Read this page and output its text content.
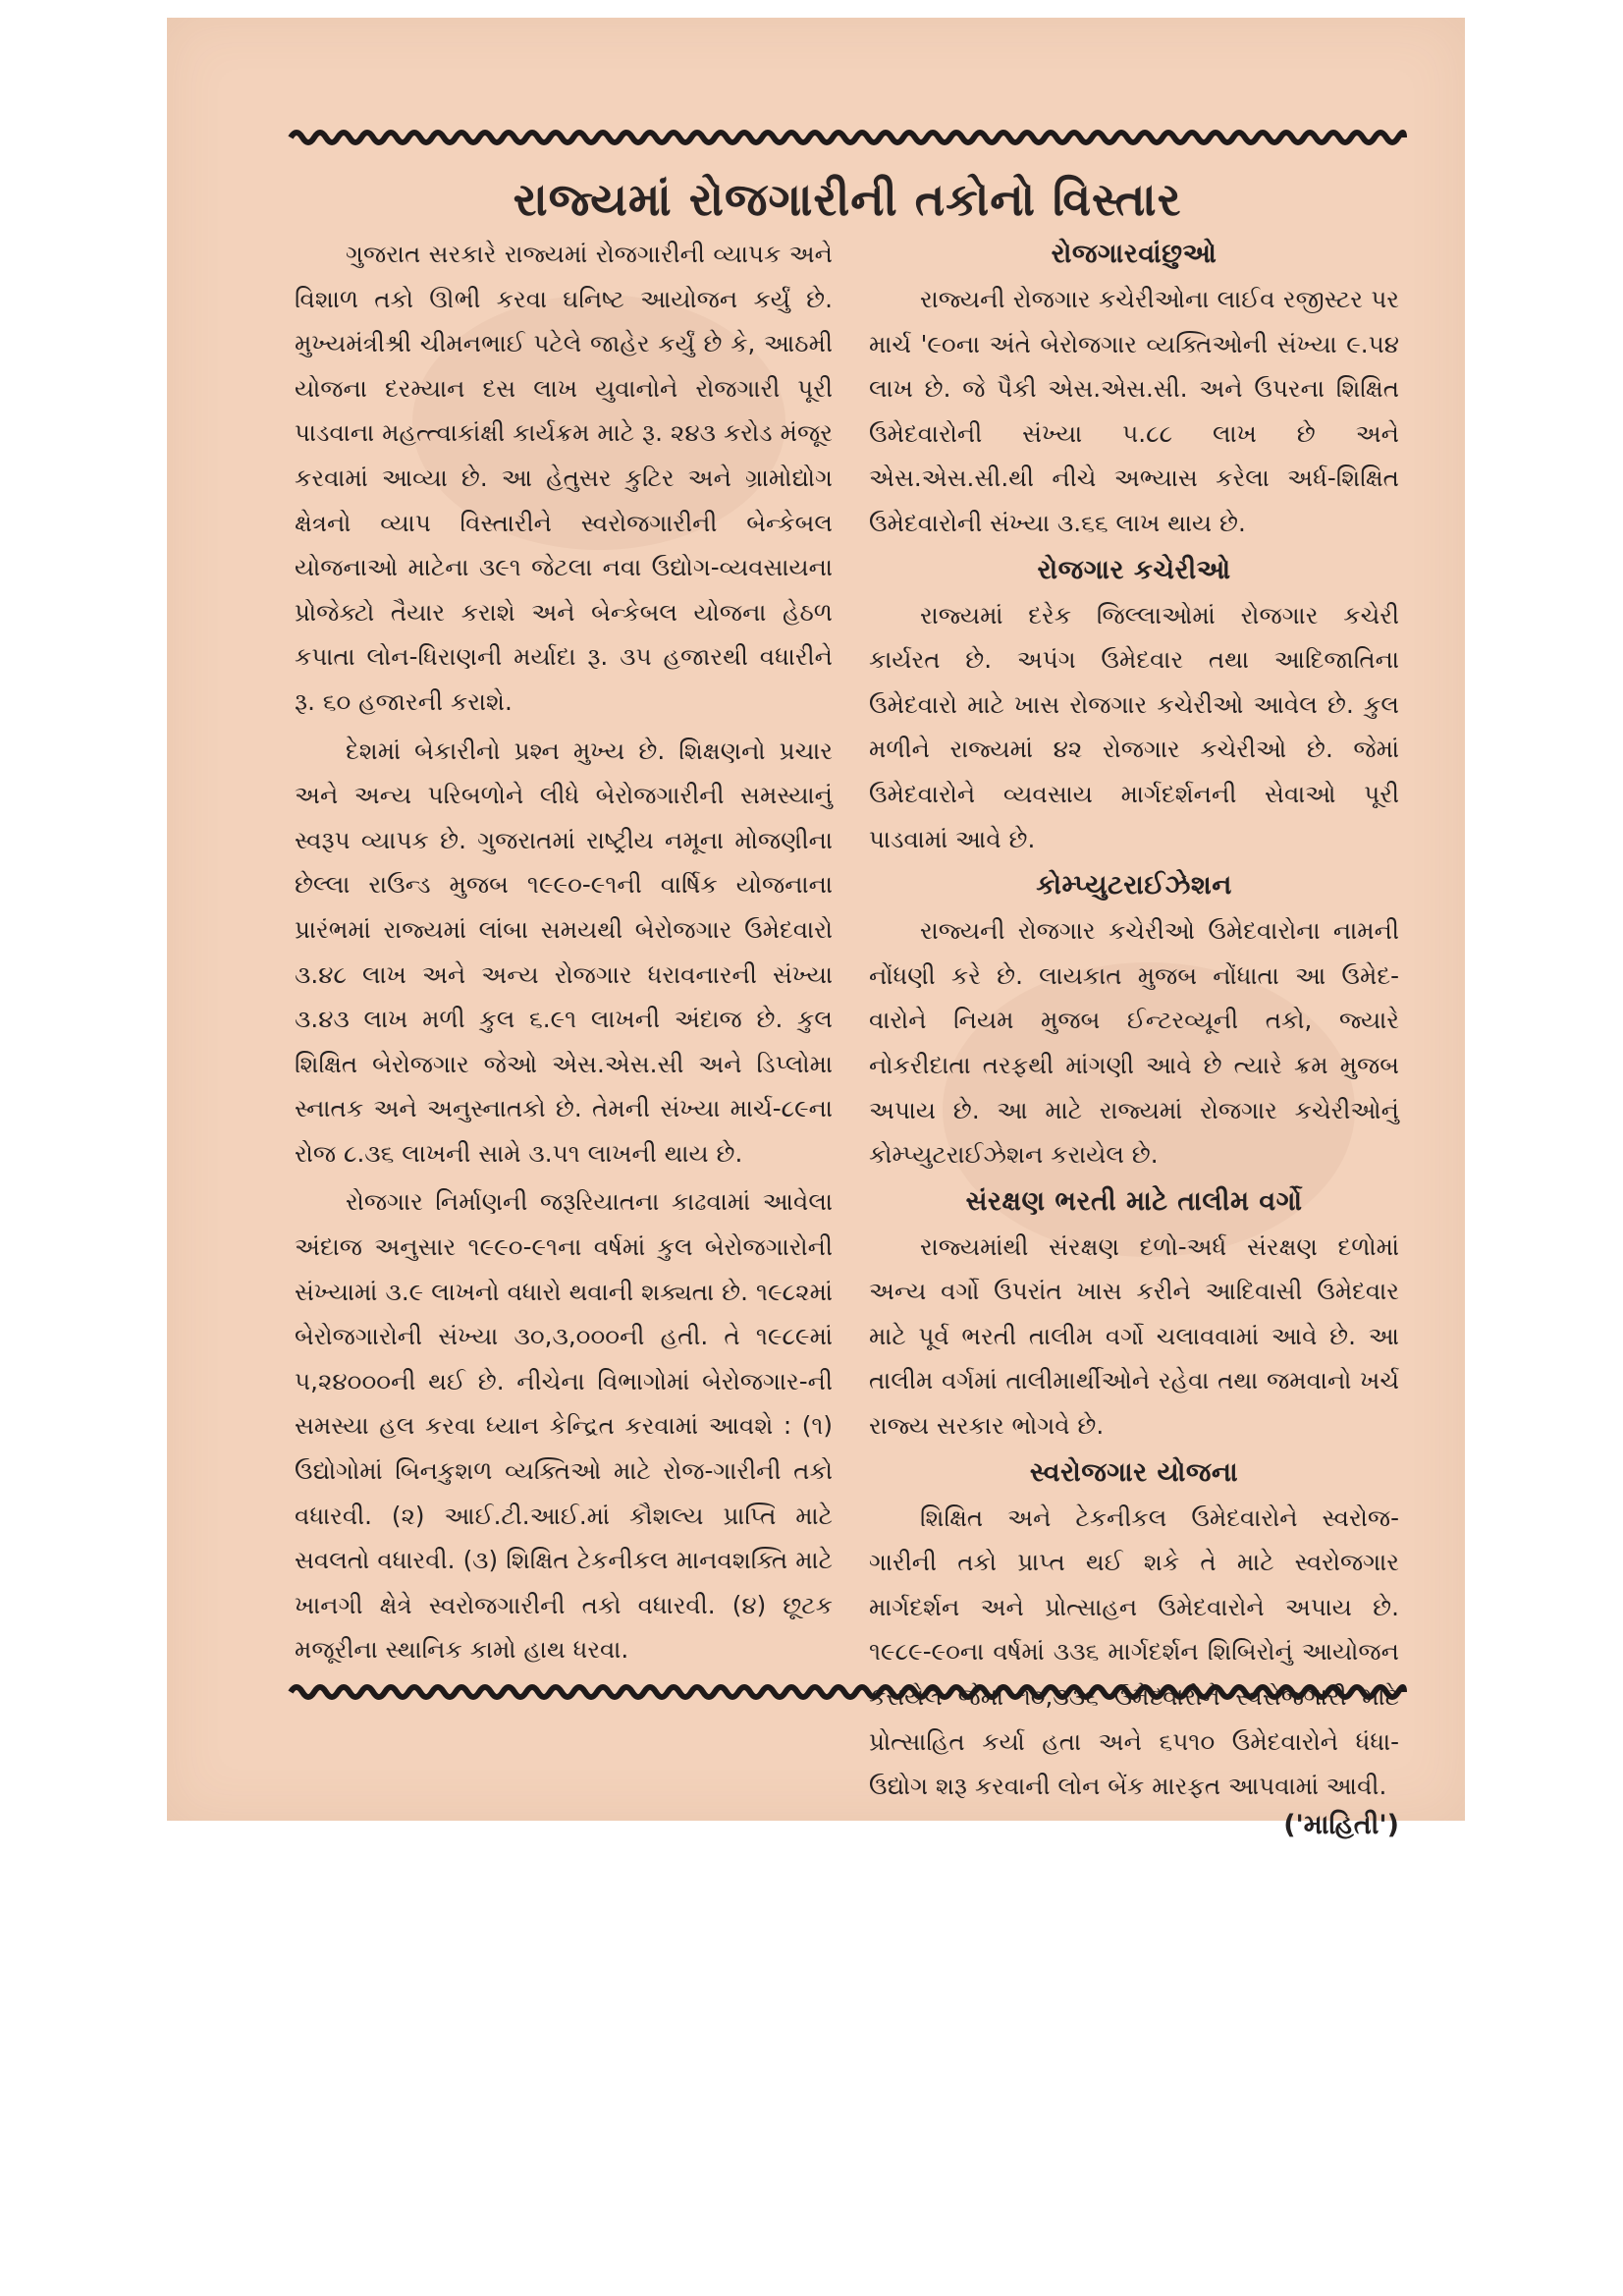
રાજ્યમાં રોજગારીની તકોનો વિસ્તાર

ગુજરાત સરકારે રાજ્યમાં રોજગારીની વ્યાપક અને વિશાળ તકો ઊભી કરવા ઘનિષ્ટ આયોજન કર્યું છે. મુખ્યમંત્રીશ્રી ચીમનભાઈ પટેલે જાહેર કર્યું છે કે, આઠમી યોજના દરમ્યાન દસ લાખ યુવાનોને રોજગારી પૂરી પાડવાના મહત્ત્વાકાંક્ષી કાર્યક્રમ માટે રૂ. ૨૪૩ કરોડ મંજૂર કરવામાં આવ્યા છે. આ હેતુસર કુટિર અને ગ્રામોદ્યોગ ક્ષેત્રનો વ્યાપ વિસ્તારીને સ્વરોજગારીની બેન્કેબલ યોજનાઓ માટેના ૩૯૧ જેટલા નવા ઉદ્યોગ-વ્યવસાયના પ્રોજેક્ટો તૈયાર કરાશે અને બેન્કેબલ યોજના હેઠળ કપાતા લોન-ધિરાણની મર્યાદા રૂ. ૩૫ હજારથી વધારીને રૂ. ૬૦ હજારની કરાશે.

દેશમાં બેકારીનો પ્રશ્ન મુખ્ય છે. શિક્ષણનો પ્રચાર અને અન્ય પરિબળોને લીધે બેરોજગારીની સમસ્યાનું સ્વરૂપ વ્યાપક છે. ગુજરાતમાં રાષ્ટ્રીય નમૂના મોજણીના છેલ્લા રાઉન્ડ મુજબ ૧૯૯૦-૯૧ની વાર્ષિક યોજનાના પ્રારંભમાં રાજ્યમાં લાંબા સમયથી બેરોજગાર ઉમેદવારો ૩.૪૮ લાખ અને અન્ય રોજગાર ધરાવનારની સંખ્યા ૩.૪૩ લાખ મળી કુલ ૬.૯૧ લાખની અંદાજ છે. કુલ શિક્ષિત બેરોજગાર જેઓ એસ.એસ.સી અને ડિપ્લોમા સ્નાતક અને અનુસ્નાતકો છે. તેમની સંખ્યા માર્ચ-૮૯ના રોજ ૮.૩૬ લાખની સામે ૩.૫૧ લાખની થાય છે.

રોજગાર નિર્માણની જરૂરિયાતના કાઢવામાં આવેલા અંદાજ અનુસાર ૧૯૯૦-૯૧ના વર્ષમાં કુલ બેરોજગારોની સંખ્યામાં ૩.૯ લાખનો વધારો થવાની શક્યતા છે. ૧૯૮૨માં બેરોજગારોની સંખ્યા ૩૦,૩,૦૦૦ની હતી. તે ૧૯૮૯માં ૫,૨૪૦૦૦ની થઈ છે. નીચેના વિભાગોમાં બેરોજગાર-ની સમસ્યા હલ કરવા ધ્યાન કેન્દ્રિત કરવામાં આવશે : (૧) ઉદ્યોગોમાં બિનકુશળ વ્યક્તિઓ માટે રોજ-ગારીની તકો વધારવી. (૨) આઈ.ટી.આઈ.માં કૌશલ્ય પ્રાપ્તિ માટે સવલતો વધારવી. (૩) શિક્ષિત ટેકનીકલ માનવશક્તિ માટે ખાનગી ક્ષેત્રે સ્વરોજગારીની તકો વધારવી. (૪) છૂટક મજૂરીના સ્થાનિક કામો હાથ ધરવા.

રોજગારવાંછુઓ

રાજ્યની રોજગાર કચેરીઓના લાઈવ રજીસ્ટર પર માર્ચ '૯૦ના અંતે બેરોજગાર વ્યક્તિઓની સંખ્યા ૯.૫૪ લાખ છે. જે પૈકી એસ.એસ.સી. અને ઉપરના શિક્ષિત ઉમેદવારોની સંખ્યા ૫.૮૮ લાખ છે અને એસ.એસ.સી.થી નીચે અભ્યાસ કરેલા અર્ધ-શિક્ષિત ઉમેદવારોની સંખ્યા ૩.૬૬ લાખ થાય છે.

રોજગાર કચેરીઓ

રાજ્યમાં દરેક જિલ્લાઓમાં રોજગાર કચેરી કાર્યરત છે. અપંગ ઉમેદવાર તથા આદિજાતિના ઉમેદવારો માટે ખાસ રોજગાર કચેરીઓ આવેલ છે. કુલ મળીને રાજ્યમાં ૪૨ રોજગાર કચેરીઓ છે. જેમાં ઉમેદવારોને વ્યવસાય માર્ગદર્શનની સેવાઓ પૂરી પાડવામાં આવે છે.

કોમ્પ્યુટરાઈઝેશન

રાજ્યની રોજગાર કચેરીઓ ઉમેદવારોના નામની નોંધણી કરે છે. લાયકાત મુજબ નોંધાતા આ ઉમેદ-વારોને નિયમ મુજબ ઈન્ટરવ્યૂની તકો, જ્યારે નોકરીદાતા તરફથી માંગણી આવે છે ત્યારે ક્રમ મુજબ અપાય છે. આ માટે રાજ્યમાં રોજગાર કચેરીઓનું કોમ્પ્યુટરાઈઝેશન કરાયેલ છે.

સંરક્ષણ ભરતી માટે તાલીમ વર્ગો

રાજ્યમાંથી સંરક્ષણ દળો-અર્ધ સંરક્ષણ દળોમાં અન્ય વર્ગો ઉપરાંત ખાસ કરીને આદિવાસી ઉમેદવાર માટે પૂર્વ ભરતી તાલીમ વર્ગો ચલાવવામાં આવે છે. આ તાલીમ વર્ગમાં તાલીમાર્થીઓને રહેવા તથા જમવાનો ખર્ચ રાજ્ય સરકાર ભોગવે છે.

સ્વરોજગાર યોજના

શિક્ષિત અને ટેકનીકલ ઉમેદવારોને સ્વરોજ-ગારીની તકો પ્રાપ્ત થઈ શકે તે માટે સ્વરોજગાર માર્ગદર્શન અને પ્રોત્સાહન ઉમેદવારોને અપાય છે. ૧૯૮૯-૯૦ના વર્ષમાં ૩૩૬ માર્ગદર્શન શિબિરોનું આયોજન કરાયેલ જેમાં ૧૦,૩૩૬ ઉમેદવારોને સ્વરોજગારી માટે પ્રોત્સાહિત કર્યા હતા અને ૬૫૧૦ ઉમેદવારોને ધંધા-ઉદ્યોગ શરૂ કરવાની લોન બેંક મારફત આપવામાં આવી.

('માહિતી')
